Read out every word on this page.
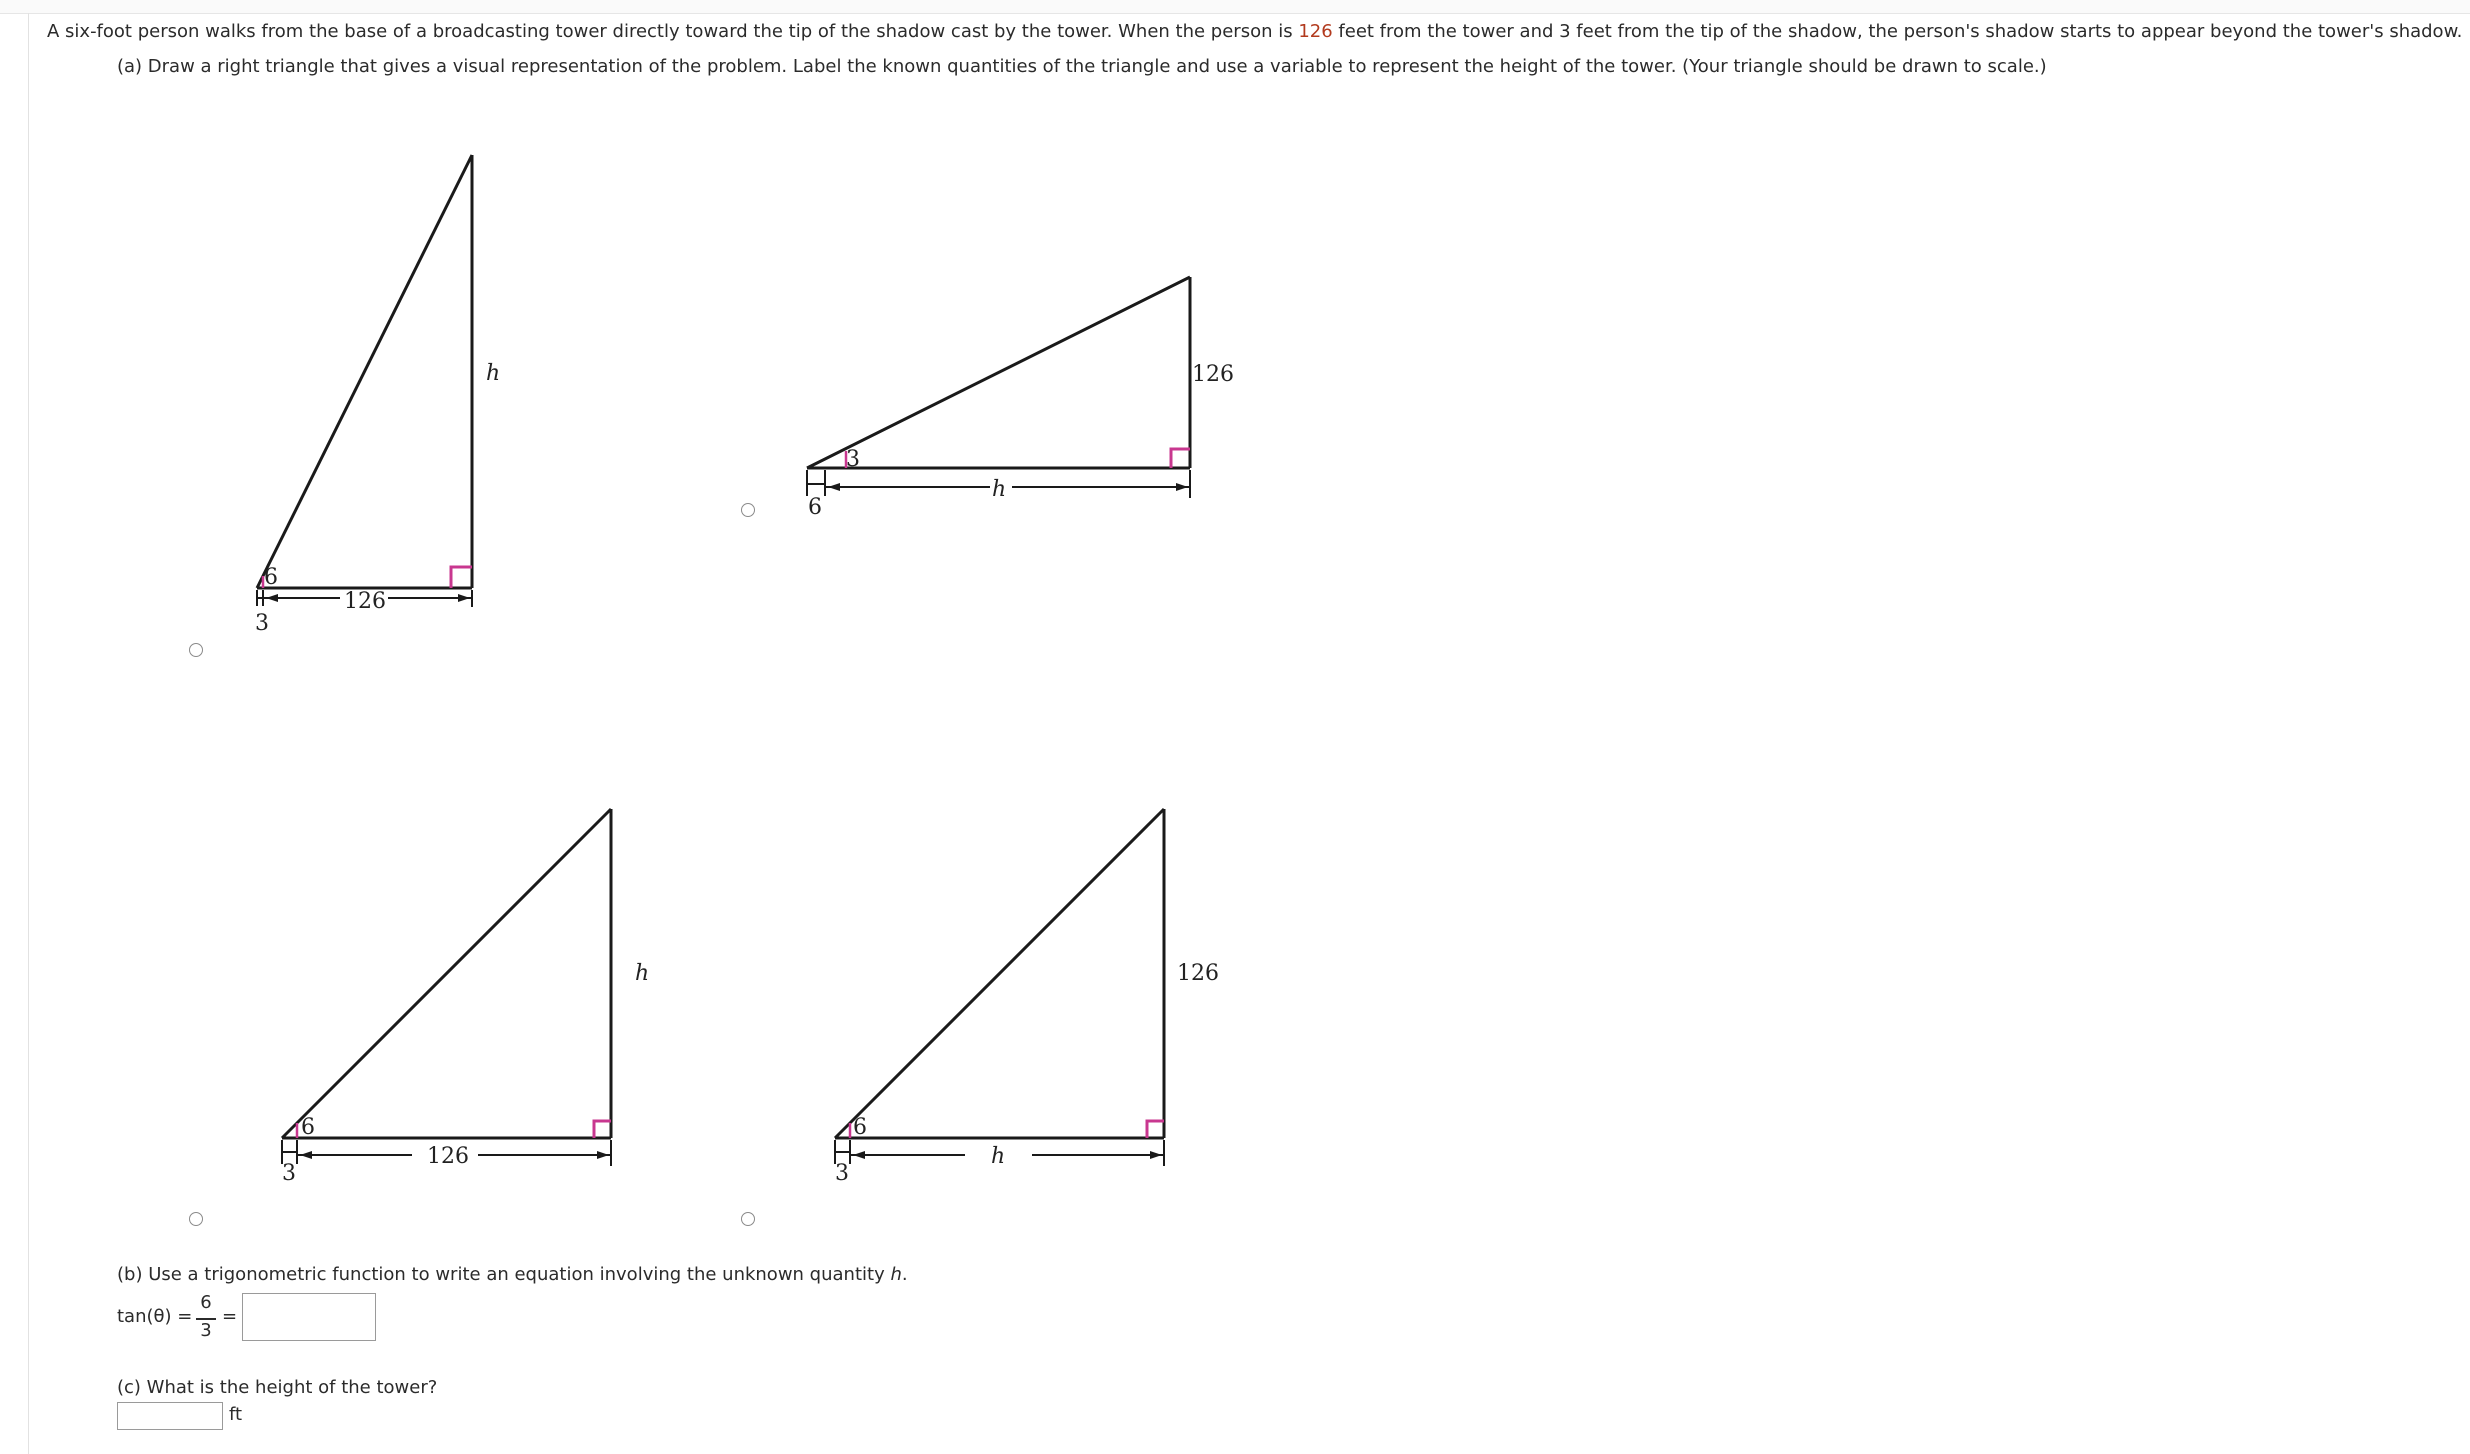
A six-foot person walks from the base of a broadcasting tower directly toward the tip of the shadow cast by the tower. When the person is 126 feet from the tower and 3 feet from the tip of the shadow, the person's shadow starts to appear beyond the tower's shadow.
(a) Draw a right triangle that gives a visual representation of the problem. Label the known quantities of the triangle and use a variable to represent the height of the tower. (Your triangle should be drawn to scale.)
h
126
6
3
126
h
3
6
h
126
6
3
126
h
6
3
(b) Use a trigonometric function to write an equation involving the unknown quantity h.
tan(θ) =
6
3
=
(c) What is the height of the tower?
ft
